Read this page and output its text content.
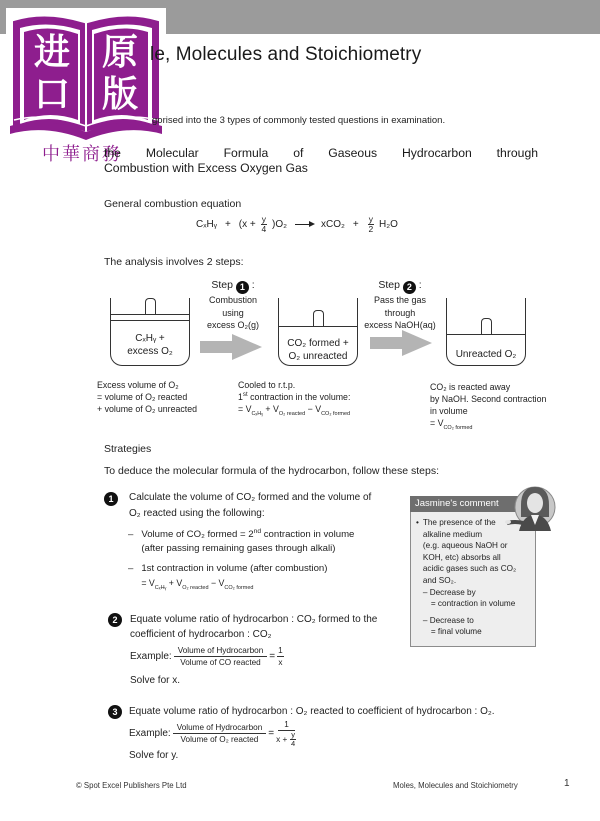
进
口
原
版
中華商務
le, Molecules and Stoichiometry
gorised into the 3 types of commonly tested questions in examination.
the Molecular Formula of Gaseous Hydrocarbon through
Combustion with Excess Oxygen Gas
General combustion equation
CₓHᵧ + $(x + \frac{y}{4} )O_2 \to xCO_2 + \frac{y}{2} H_2O$
The analysis involves 2 steps:
Step 1 :
Combustion
using
excess O₂(g)
Step 2 :
Pass the gas
through
excess NaOH(aq)
CₓHᵧ +
excess O₂
CO₂ formed +
O₂ unreacted	Unreacted O₂
Excess volume of O₂
= volume of O₂ reacted
+ volume of O₂ unreacted
Cooled to r.t.p.
1st contraction in the volume:
= $V_{C_xHᵧ} + V_{O_2 reacted} - V_{CO_2 formed}$
CO₂ is reacted away
by NaOH. Second contraction
in volume
= $V_{CO_2 formed}$
Strategies
To deduce the molecular formula of the hydrocarbon, follow these steps:
1	Calculate the volume of CO₂ formed and the volume of
O₂ reacted using the following:
– Volume of CO₂ formed = 2nd contraction in volume
(after passing remaining gases through alkali)
– 1st contraction in volume (after combustion)
= $V_{C_xHᵧ} + V_{O_2 reacted} - V_{CO_2 formed}$
2	Equate volume ratio of hydrocarbon : CO₂ formed to the
coefficient of hydrocarbon : CO₂
Example: $\frac{\text{Volume of Hydrocarbon}}{\text{Volume of CO reacted}} = \frac{1}{x}$
Solve for x.
3	Equate volume ratio of hydrocarbon : O₂ reacted to coefficient of hydrocarbon : O₂.
Example: $\frac{\text{Volume of Hydrocarbon}}{\text{Volume of O₂ reacted}} = \frac{1}{x + \frac{y}{4}}$
Solve for y.
Jasmine's comment
• The presence of the
alkaline medium
(e.g. aqueous NaOH or
KOH, etc) absorbs all
acidic gases such as CO₂
and SO₂.
– Decrease by
= contraction in volume
– Decrease to
= final volume
© Spot Excel Publishers Pte Ltd	Moles, Molecules and Stoichiometry	1
